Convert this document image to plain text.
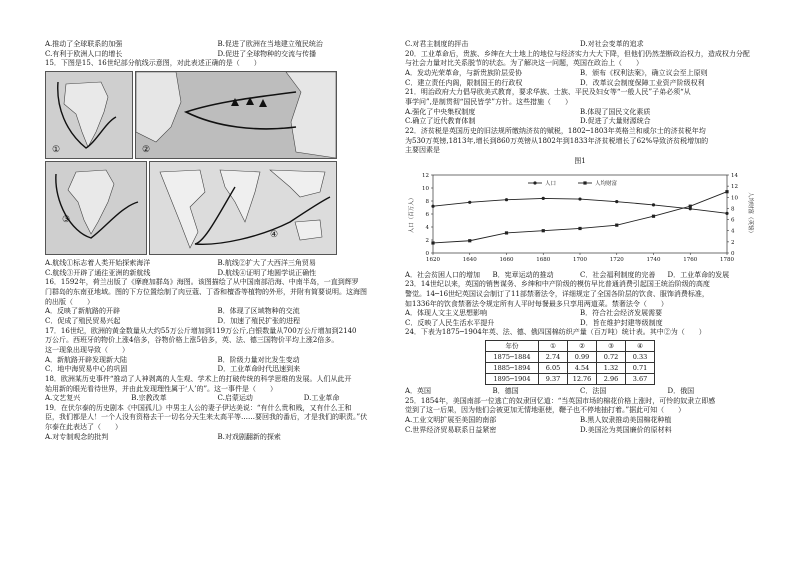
A.推动了全球联系的加强	B.促进了欧洲在当地建立殖民统治
C.有利于欧洲人口的增长	D.促进了全球物种的交流与传播
15．下图是15、16世纪部分航线示意图，对此表述正确的是（　　）
①	②
③
④
A.航线①标志着人类开始探索海洋	B.航线②扩大了大西洋三角贸易
C.航线③开辟了通往亚洲的新航线	D.航线④证明了地圆学说正确性
16．1592年，荷兰出版了《摩鹿加群岛》海图。该图描绘了从中国南部沿海、中南半岛，一直到辉罗
门群岛的东南亚地域。图的下方位置绘制了肉豆蔻、丁香和檀香等植物的外形，并附有简要说明。这海图
的出版（　　）
A．反映了新航路的开辟	B．体现了区域物种的交流
C．促成了殖民贸易兴起	D．加速了殖民扩张的进程
17．16世纪，欧洲的黄金数量从大约55万公斤增加到119万公斤,白银数量从700万公斤增加到2140
万公斤。西班牙的物价上涨4倍多，谷物价格上涨5倍多，英、法、德三国物价平均上涨2倍多。
这一现象出现导致（　　）
A．新航路开辟发现新大陆	B．阶级力量对比发生变动
C．地中海贸易中心的巩固	D．工业革命时代迅速到来
18．欧洲某历史事件“推动了人神剥离的人生观、学术上的打破传统的科学思维的发展。人们从此开
始用新的眼光看待世界，并由此发现理性属于‘人’的”。这一事件是（　　）
A.文艺复兴	B.宗教改革	C.启蒙运动	D.工业革命
19．在伏尔泰的历史剧本《中国孤儿》中男主人公的妻子伊达美说：“有什么贵和贱，又有什么王和
臣，我们都是人！一个人没有资格去干一切名分天生来太高平等……要回我的番后，才是我们的职责。”伏
尔泰在此表达了（　　）
A.对专制观念的批判	B.对戏剧翻新的探索
C.对君主制度的抨击	D.对社会变革的追求
20．工业革命后，贵族、乡绅在大土地上的地位与经济实力大大下降，但他们仍然垄断政治权力，造成权力分配
与社会力量对比关系脱节的状态。为了解决这一问题，英国在政治上（　　）
A．发动光荣革命，与新贵族阶层妥协	B．颁布《权利法案》，确立议会至上原则
C．建立责任内阁，限制国王的行政权	D．改革议会制度保障工业资产阶级权利
21．明治政府大力倡导欧美式教育，要求华族、士族、平民及妇女等“一般人民”子弟必须“从
事学问”,是制贯彻“国民皆学”方针。这些措施（　　）
A.强化了中央集权制度	B.体现了国民文化素质
C.确立了近代教育体制	D.促进了大量财源统合
22．济贫税是英国历史的旧法规所缴纳济贫的赋税，1802─1803年英格兰和威尔士的济贫税年均
为530万英镑,1813年,增长到860万英镑从1802年到1833年济贫税增长了62%导致济贫税增加的
主要因素是
图1
0
2
4
6
8
10
12
0
2
4
6
8
10
12
14
1620	1640	1660	1680	1700	1720	1740	1760	1780
人口（百万人）	人均财富（英镑）
人口	人均财富
A．社会贫困人口的增加	B．宪章运动的推动	C．社会福利制度的完善	D．工业革命的发展
23．14世纪以来，英国的销售谋务、乡绅和中产阶级的模仿早比普通消费引起国王统治阶级的高度
警觉。14─16世纪英国议会制订了11部禁奢法令，详细规定了全国各阶层的饮食、服饰消费标准，
如1336年的饮食禁奢法令规定所有人平时每餐最多只享用两道菜。禁奢法令（　　）
A．体现人文主义思想影响	B．符合社会经济发展需要
C．反映了人民生活水平提升	D．旨在维护封建等级制度
24．下表为1875─1904年英、法、德、俄四国棉纺织产量（百万吨）统计表。其中②为（　　）
年份	①	②	③	④
1875─1884	2.74	0.99	0.72	0.33
1885─1894	6.05	4.54	1.32	0.71
1895─1904	9.37	12.76	2.96	3.67
A．英国	B．德国	C．法国	D．俄国
25．1854年，美国南部一位逃亡的奴隶回忆道：“当英国市场的棉花价格上涨时，可怜的奴隶立即感
觉到了这一后果，因为他们会被更加无情地驱使，鞭子也不停地抽打着。”据此可知（　　）
A.工业文明扩展至美国的南部	B.黑人奴隶推动美国棉花种植
C.世界经济贸易联系日益紧密	D.美国沦为英国廉价的原材料
